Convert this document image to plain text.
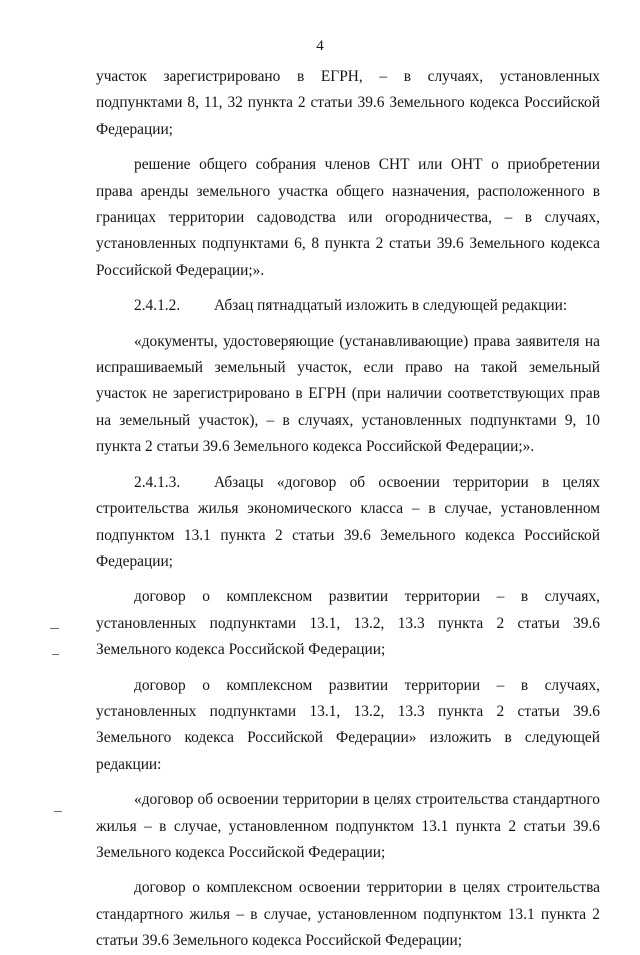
4

участок зарегистрировано в ЕГРН, – в случаях, установленных подпунктами 8, 11, 32 пункта 2 статьи 39.6 Земельного кодекса Российской Федерации;

решение общего собрания членов СНТ или ОНТ о приобретении права аренды земельного участка общего назначения, расположенного в границах территории садоводства или огородничества, – в случаях, установленных подпунктами 6, 8 пункта 2 статьи 39.6 Земельного кодекса Российской Федерации;».

2.4.1.2. Абзац пятнадцатый изложить в следующей редакции:

«документы, удостоверяющие (устанавливающие) права заявителя на испрашиваемый земельный участок, если право на такой земельный участок не зарегистрировано в ЕГРН (при наличии соответствующих прав на земельный участок), – в случаях, установленных подпунктами 9, 10 пункта 2 статьи 39.6 Земельного кодекса Российской Федерации;».

2.4.1.3. Абзацы «договор об освоении территории в целях строительства жилья экономического класса – в случае, установленном подпунктом 13.1 пункта 2 статьи 39.6 Земельного кодекса Российской Федерации;

договор о комплексном развитии территории – в случаях, установленных подпунктами 13.1, 13.2, 13.3 пункта 2 статьи 39.6 Земельного кодекса Российской Федерации;

договор о комплексном развитии территории – в случаях, установленных подпунктами 13.1, 13.2, 13.3 пункта 2 статьи 39.6 Земельного кодекса Российской Федерации» изложить в следующей редакции:

«договор об освоении территории в целях строительства стандартного жилья – в случае, установленном подпунктом 13.1 пункта 2 статьи 39.6 Земельного кодекса Российской Федерации;

договор о комплексном освоении территории в целях строительства стандартного жилья – в случае, установленном подпунктом 13.1 пункта 2 статьи 39.6 Земельного кодекса Российской Федерации;
